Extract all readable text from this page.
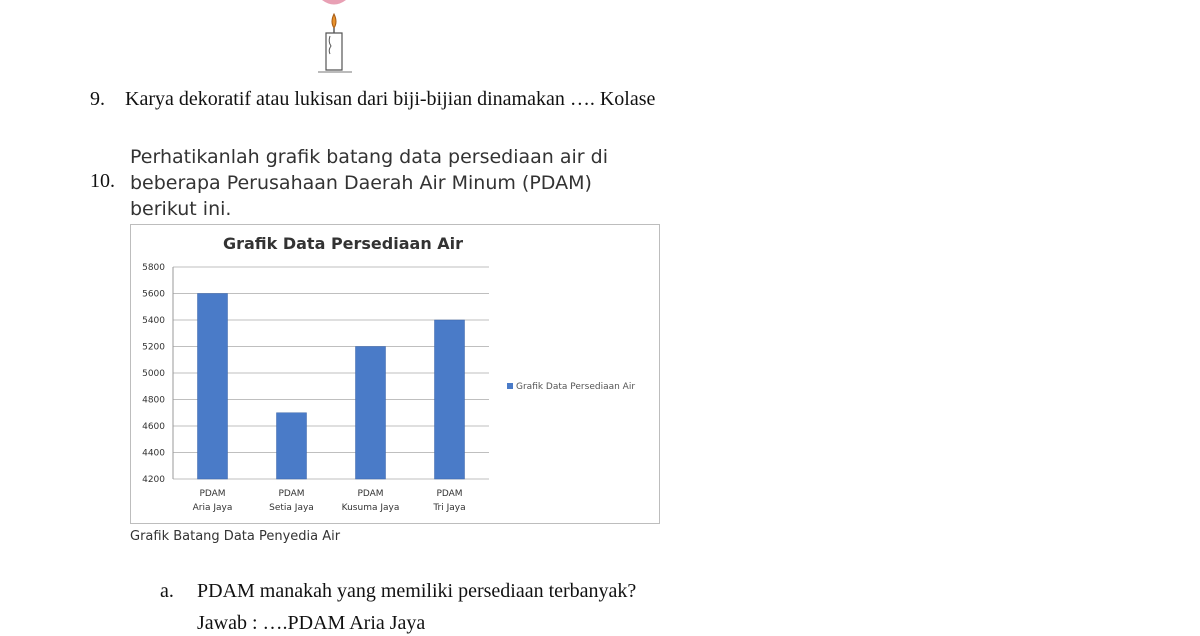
9. Karya dekoratif atau lukisan dari biji-bijian dinamakan …. Kolase
10.
Perhatikanlah grafik batang data persediaan air di
beberapa Perusahaan Daerah Air Minum (PDAM)
berikut ini.
Grafik Data Persediaan Air
5800
5600
5400
5200
5000
4800
4600
4400
4200
PDAM
Aria Jaya
PDAM
Setia Jaya
PDAM
Kusuma Jaya
PDAM
Tri Jaya
Grafik Data Persediaan Air
Grafik Batang Data Penyedia Air
a. PDAM manakah yang memiliki persediaan terbanyak?
Jawab : ….PDAM Aria Jaya
